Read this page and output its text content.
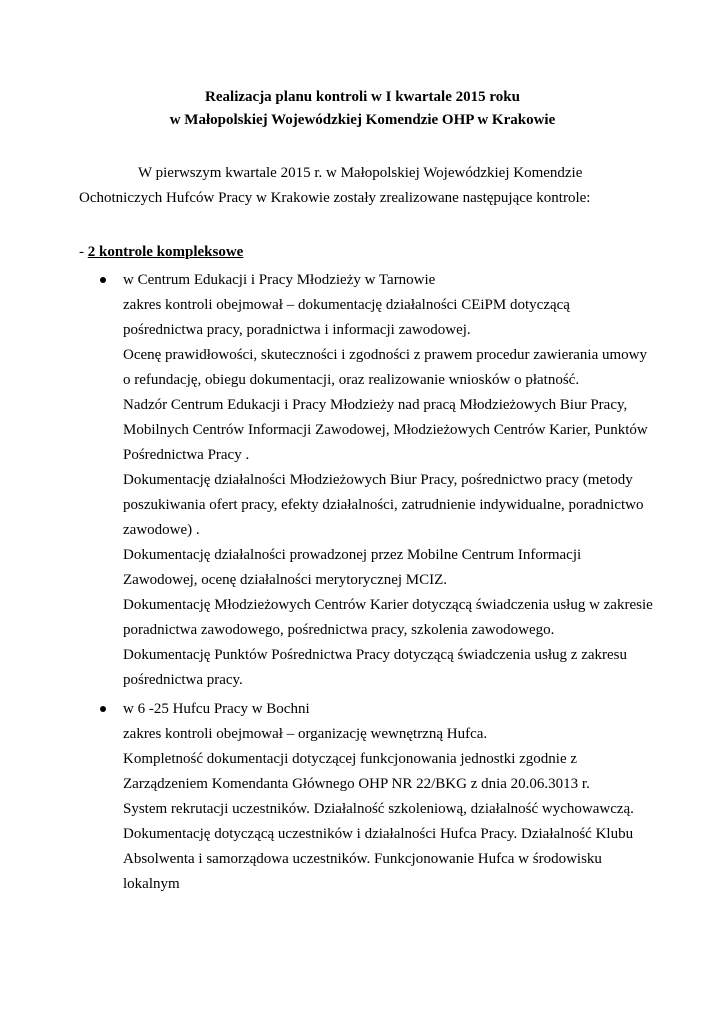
Realizacja planu kontroli w I kwartale 2015 roku
w Małopolskiej Wojewódzkiej Komendzie OHP w Krakowie
W pierwszym kwartale 2015 r. w Małopolskiej Wojewódzkiej Komendzie
Ochotniczych Hufców Pracy w Krakowie zostały zrealizowane następujące kontrole:
- 2 kontrole kompleksowe
w Centrum Edukacji i Pracy Młodzieży w Tarnowie
zakres kontroli obejmował – dokumentację działalności CEiPM dotyczącą
pośrednictwa pracy, poradnictwa i informacji zawodowej.
Ocenę prawidłowości, skuteczności i zgodności z prawem procedur zawierania umowy
o refundację, obiegu dokumentacji, oraz realizowanie wniosków o płatność.
Nadzór Centrum Edukacji i Pracy Młodzieży nad pracą Młodzieżowych Biur Pracy,
Mobilnych Centrów Informacji Zawodowej, Młodzieżowych Centrów Karier, Punktów
Pośrednictwa Pracy .
Dokumentację działalności Młodzieżowych Biur Pracy, pośrednictwo pracy (metody
poszukiwania ofert pracy, efekty działalności, zatrudnienie indywidualne, poradnictwo
zawodowe) .
Dokumentację działalności prowadzonej przez Mobilne Centrum Informacji
Zawodowej, ocenę działalności merytorycznej MCIZ.
Dokumentację Młodzieżowych Centrów Karier dotyczącą świadczenia usług w zakresie
poradnictwa zawodowego, pośrednictwa pracy, szkolenia zawodowego.
Dokumentację Punktów Pośrednictwa Pracy dotyczącą świadczenia usług z zakresu
pośrednictwa pracy.
w 6 -25 Hufcu Pracy w Bochni
zakres kontroli obejmował – organizację wewnętrzną Hufca.
Kompletność dokumentacji dotyczącej funkcjonowania jednostki zgodnie z
Zarządzeniem Komendanta Głównego OHP NR 22/BKG z dnia 20.06.3013 r.
System rekrutacji uczestników. Działalność szkoleniową, działalność wychowawczą.
Dokumentację dotyczącą uczestników i działalności Hufca Pracy. Działalność Klubu
Absolwenta i samorządowa uczestników. Funkcjonowanie Hufca w środowisku
lokalnym
